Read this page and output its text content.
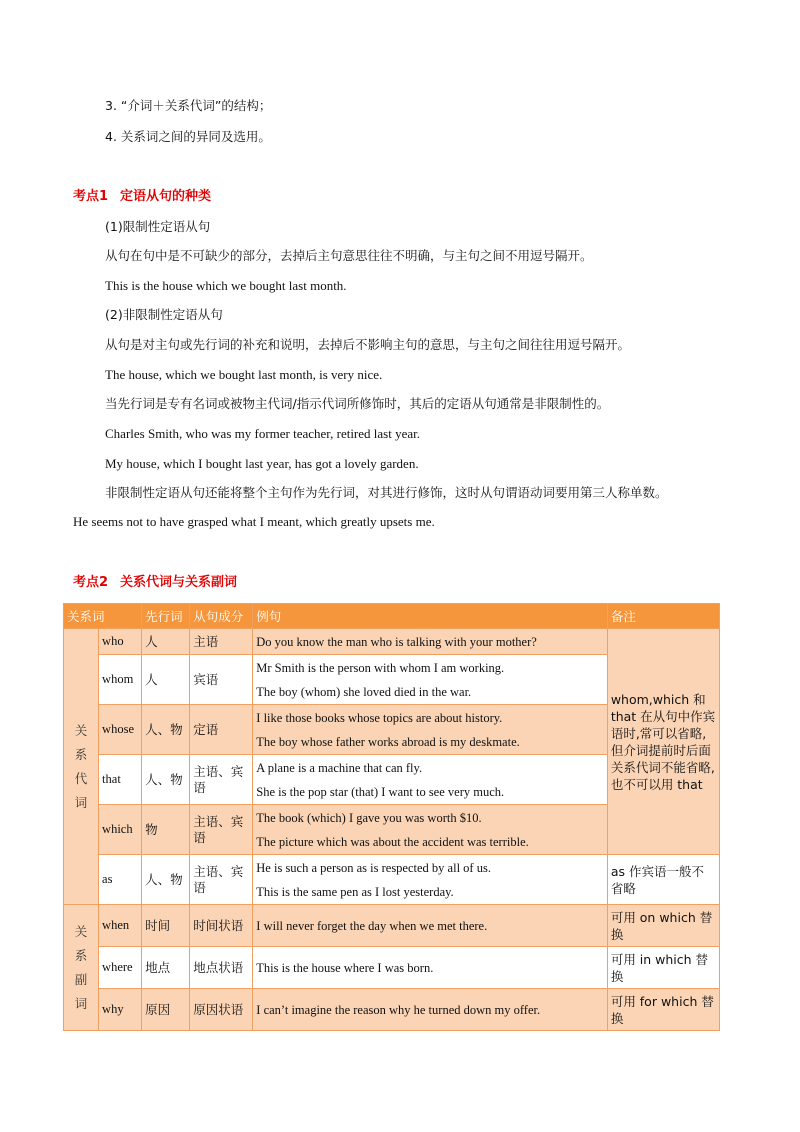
3. “介词＋关系代词”的结构；
4. 关系词之间的异同及选用。
考点1 定语从句的种类
(1)限制性定语从句
从句在句中是不可缺少的部分，去掉后主句意思往往不明确，与主句之间不用逗号隔开。
This is the house which we bought last month.
(2)非限制性定语从句
从句是对主句或先行词的补充和说明，去掉后不影响主句的意思，与主句之间往往用逗号隔开。
The house, which we bought last month, is very nice.
当先行词是专有名词或被物主代词/指示代词所修饰时，其后的定语从句通常是非限制性的。
Charles Smith, who was my former teacher, retired last year.
My house, which I bought last year, has got a lovely garden.
非限制性定语从句还能将整个主句作为先行词，对其进行修饰，这时从句谓语动词要用第三人称单数。
He seems not to have grasped what I meant, which greatly upsets me.
考点2 关系代词与关系副词
关系词		先行词	从句成分	例句	备注
关系代词	who	人	主语	Do you know the man who is talking with your mother?	whom,which 和 that 在从句中作宾语时,常可以省略,但介词提前时后面关系代词不能省略,也不可以用 that
	whom	人	宾语	Mr Smith is the person with whom I am working.
The boy (whom) she loved died in the war.	

	whose	人、物	定语	I like those books whose topics are about history.
The boy whose father works abroad is my deskmate.	

	that	人、物	主语、宾语	A plane is a machine that can fly.
She is the pop star (that) I want to see very much.	

	which	物	主语、宾语	The book (which) I gave you was worth $10.
The picture which was about the accident was terrible.	

	as	人、物	主语、宾语	He is such a person as is respected by all of us.
This is the same pen as I lost yesterday.	as 作宾语一般不省略
关系副词	when	时间	时间状语	I will never forget the day when we met there.	可用 on which 替换
	where	地点	地点状语	This is the house where I was born.	可用 in which 替换
	why	原因	原因状语	I can’t imagine the reason why he turned down my offer.	可用 for which 替换
